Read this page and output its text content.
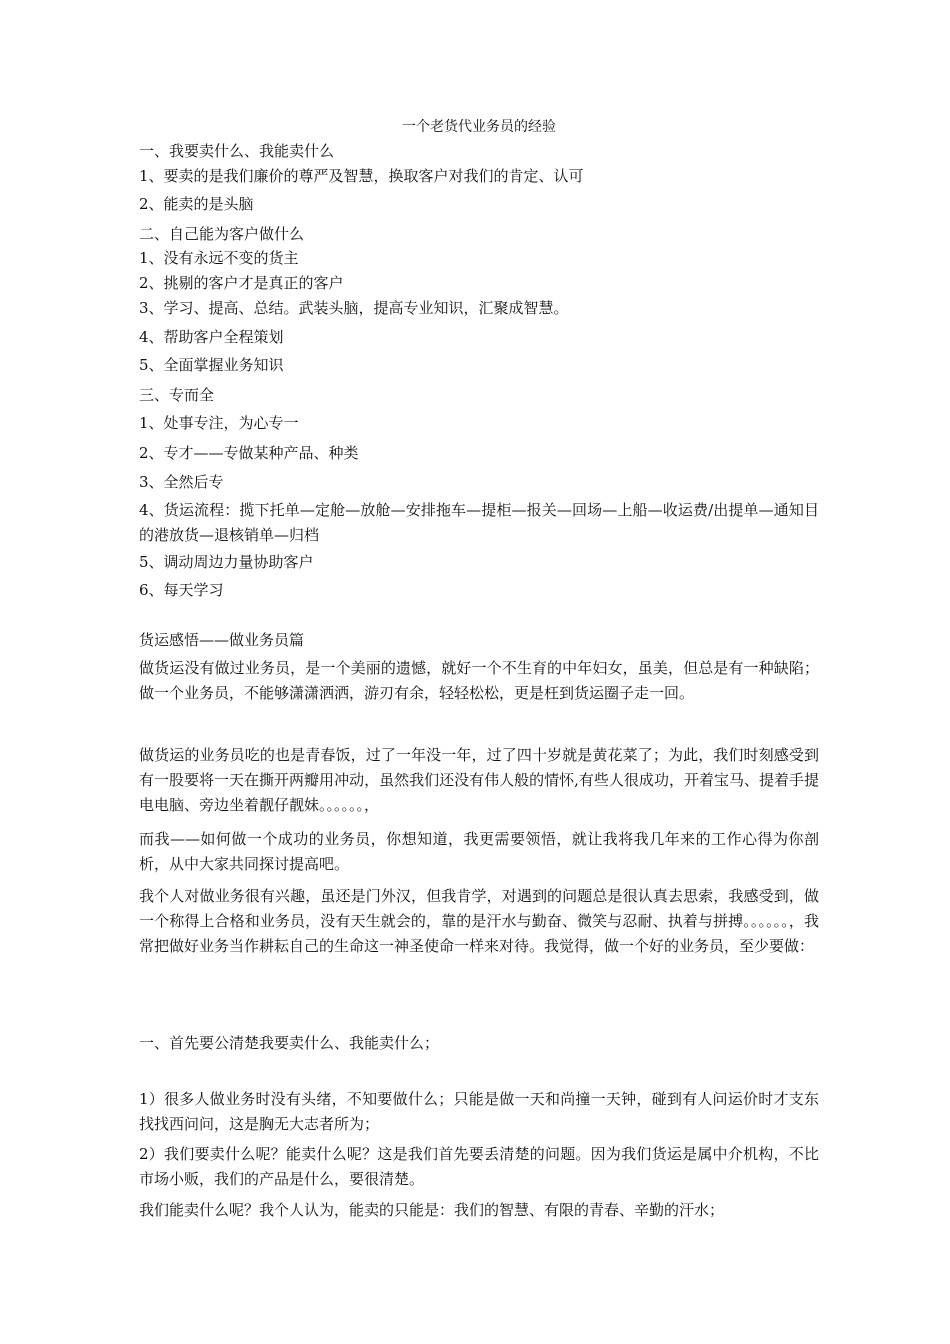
一个老货代业务员的经验
一、我要卖什么、我能卖什么
1、要卖的是我们廉价的尊严及智慧，换取客户对我们的肯定、认可
2、能卖的是头脑
二、自己能为客户做什么
1、没有永远不变的货主
2、挑剔的客户才是真正的客户
3、学习、提高、总结。武装头脑，提高专业知识，汇聚成智慧。
4、帮助客户全程策划
5、全面掌握业务知识
三、专而全
1、处事专注，为心专一
2、专才——专做某种产品、种类
3、全然后专
4、货运流程：揽下托单—定舱—放舱—安排拖车—提柜—报关—回场—上船—收运费/出提单—通知目的港放货—退核销单—归档
5、调动周边力量协助客户
6、每天学习
货运感悟——做业务员篇
做货运没有做过业务员，是一个美丽的遗憾，就好一个不生育的中年妇女，虽美，但总是有一种缺陷；做一个业务员，不能够潇潇洒洒，游刃有余，轻轻松松，更是枉到货运圈子走一回。
做货运的业务员吃的也是青春饭，过了一年没一年，过了四十岁就是黄花菜了；为此，我们时刻感受到有一股要将一天在撕开两瓣用冲动，虽然我们还没有伟人般的情怀,有些人很成功，开着宝马、提着手提电电脑、旁边坐着靓仔靓妹。。。。。。，
而我——如何做一个成功的业务员，你想知道，我更需要领悟，就让我将我几年来的工作心得为你剖析，从中大家共同探讨提高吧。
我个人对做业务很有兴趣，虽还是门外汉，但我肯学，对遇到的问题总是很认真去思索，我感受到，做一个称得上合格和业务员，没有天生就会的，靠的是汗水与勤奋、微笑与忍耐、执着与拼搏。。。。。。，我常把做好业务当作耕耘自己的生命这一神圣使命一样来对待。我觉得，做一个好的业务员，至少要做：
一、首先要公清楚我要卖什么、我能卖什么；
1）很多人做业务时没有头绪，不知要做什么；只能是做一天和尚撞一天钟，碰到有人问运价时才支东找找西问问，这是胸无大志者所为；
2）我们要卖什么呢？能卖什么呢？这是我们首先要丢清楚的问题。因为我们货运是属中介机构，不比市场小贩，我们的产品是什么，要很清楚。
我们能卖什么呢？我个人认为，能卖的只能是：我们的智慧、有限的青春、辛勤的汗水；
